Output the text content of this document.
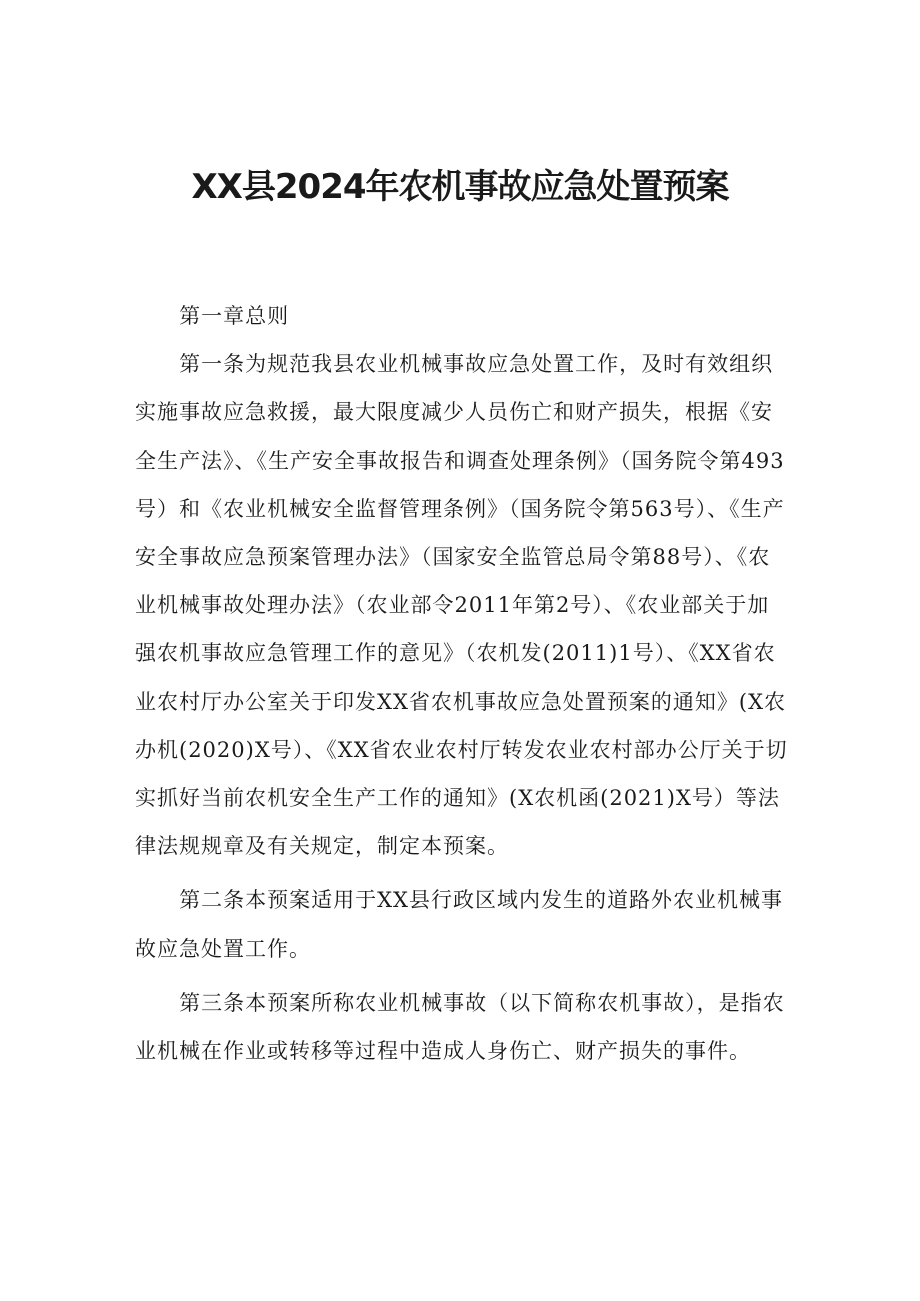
XX县2024年农机事故应急处置预案

第一章总则

第一条为规范我县农业机械事故应急处置工作，及时有效组织实施事故应急救援，最大限度减少人员伤亡和财产损失，根据《安全生产法》、《生产安全事故报告和调查处理条例》（国务院令第493号）和《农业机械安全监督管理条例》（国务院令第563号）、《生产安全事故应急预案管理办法》（国家安全监管总局令第88号）、《农业机械事故处理办法》（农业部令2011年第2号）、《农业部关于加强农机事故应急管理工作的意见》（农机发(2011)1号）、《XX省农业农村厅办公室关于印发XX省农机事故应急处置预案的通知》(X农办机(2020)X号）、《XX省农业农村厅转发农业农村部办公厅关于切实抓好当前农机安全生产工作的通知》(X农机函(2021)X号）等法律法规规章及有关规定，制定本预案。

第二条本预案适用于XX县行政区域内发生的道路外农业机械事故应急处置工作。

第三条本预案所称农业机械事故（以下简称农机事故），是指农业机械在作业或转移等过程中造成人身伤亡、财产损失的事件。
